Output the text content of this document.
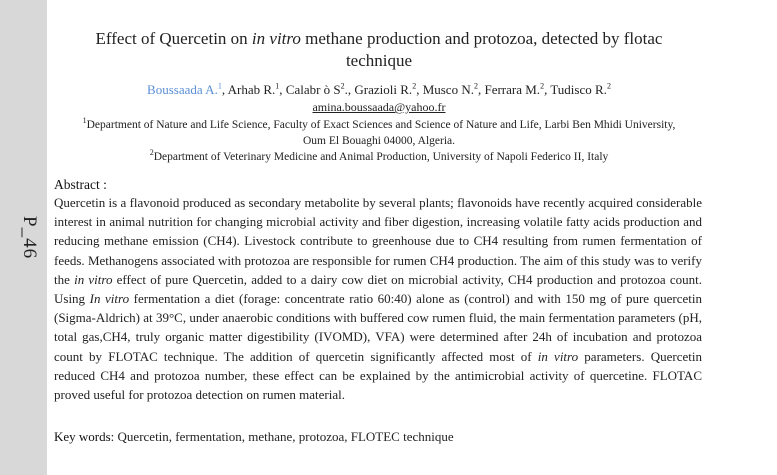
P_46
Effect of Quercetin on in vitro methane production and protozoa, detected by flotac technique
Boussaada A.$^1$, Arhab R.$^1$, Calabr ò $S^2$., Grazioli R.$^2$, Musco N.$^2$, Ferrara M.$^2$, Tudisco R.$^2$
amina.boussaada@yahoo.fr
$^1$Department of Nature and Life Science, Faculty of Exact Sciences and Science of Nature and Life, Larbi Ben Mhidi University, Oum El Bouaghi 04000, Algeria.
$^2$Department of Veterinary Medicine and Animal Production, University of Napoli Federico II, Italy
Abstract :
Quercetin is a flavonoid produced as secondary metabolite by several plants; flavonoids have recently acquired considerable interest in animal nutrition for changing microbial activity and fiber digestion, increasing volatile fatty acids production and reducing methane emission (CH4). Livestock contribute to greenhouse due to CH4 resulting from rumen fermentation of feeds. Methanogens associated with protozoa are responsible for rumen CH4 production. The aim of this study was to verify the in vitro effect of pure Quercetin, added to a dairy cow diet on microbial activity, CH4 production and protozoa count. Using In vitro fermentation a diet (forage: concentrate ratio 60:40) alone as (control) and with 150 mg of pure quercetin (Sigma-Aldrich) at 39°C, under anaerobic conditions with buffered cow rumen fluid, the main fermentation parameters (pH, total gas,CH4, truly organic matter digestibility (IVOMD), VFA) were determined after 24h of incubation and protozoa count by FLOTAC technique. The addition of quercetin significantly affected most of in vitro parameters. Quercetin reduced CH4 and protozoa number, these effect can be explained by the antimicrobial activity of quercetine. FLOTAC proved useful for protozoa detection on rumen material.
Key words: Quercetin, fermentation, methane, protozoa, FLOTEC technique
